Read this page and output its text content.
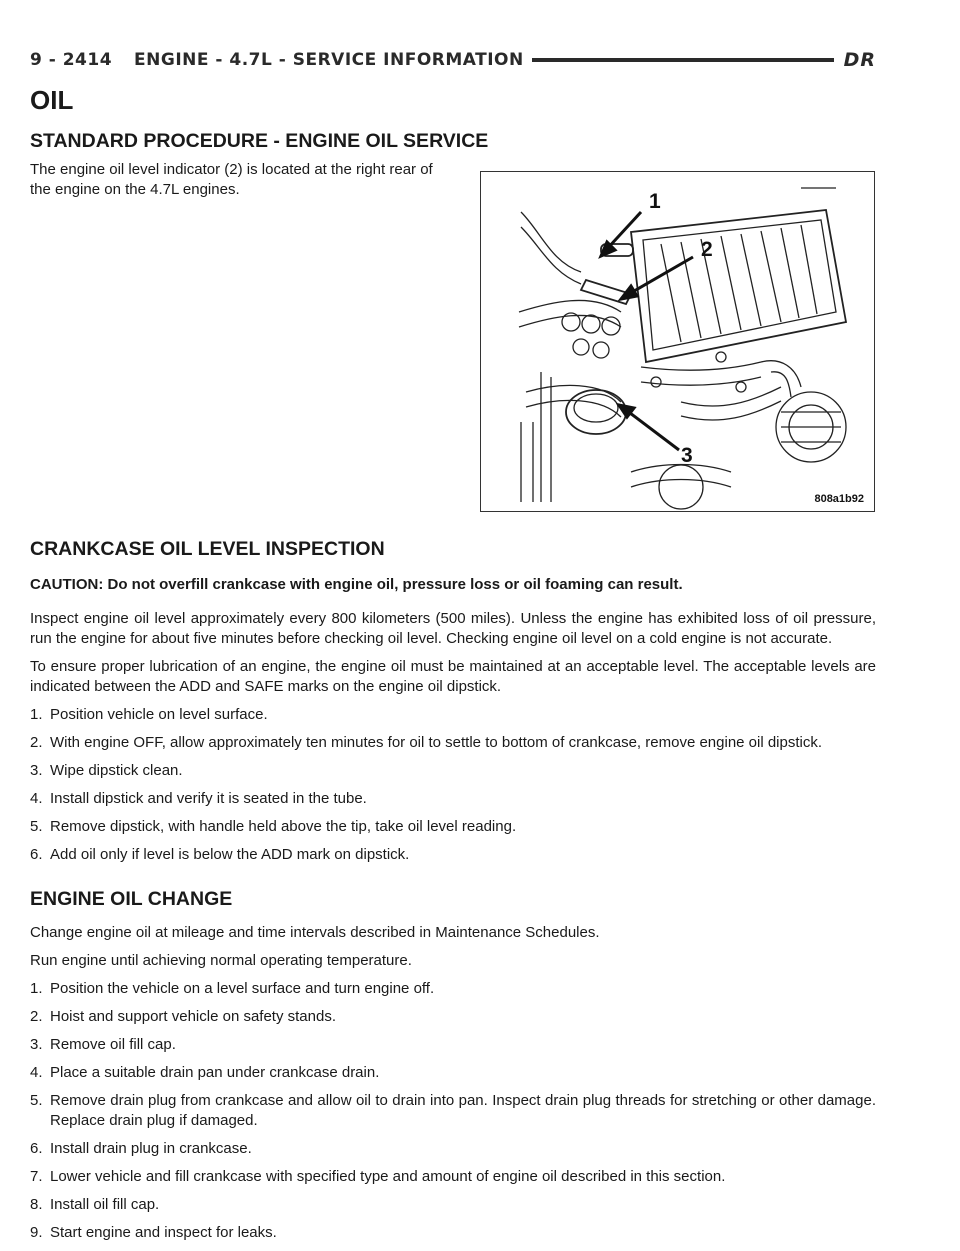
9 - 2414 ENGINE - 4.7L - SERVICE INFORMATION	DR
OIL
STANDARD PROCEDURE - ENGINE OIL SERVICE

The engine oil level indicator (2) is located at the right rear of the engine on the 4.7L engines.

1
2
3
808a1b92
CRANKCASE OIL LEVEL INSPECTION

CAUTION: Do not overfill crankcase with engine oil, pressure loss or oil foaming can result.

Inspect engine oil level approximately every 800 kilometers (500 miles). Unless the engine has exhibited loss of oil pressure, run the engine for about five minutes before checking oil level. Checking engine oil level on a cold engine is not accurate.

To ensure proper lubrication of an engine, the engine oil must be maintained at an acceptable level. The acceptable levels are indicated between the ADD and SAFE marks on the engine oil dipstick.

1. Position vehicle on level surface.
2. With engine OFF, allow approximately ten minutes for oil to settle to bottom of crankcase, remove engine oil dipstick.
3. Wipe dipstick clean.
4. Install dipstick and verify it is seated in the tube.
5. Remove dipstick, with handle held above the tip, take oil level reading.
6. Add oil only if level is below the ADD mark on dipstick.
ENGINE OIL CHANGE

Change engine oil at mileage and time intervals described in Maintenance Schedules.

Run engine until achieving normal operating temperature.

1. Position the vehicle on a level surface and turn engine off.
2. Hoist and support vehicle on safety stands.
3. Remove oil fill cap.
4. Place a suitable drain pan under crankcase drain.
5. Remove drain plug from crankcase and allow oil to drain into pan. Inspect drain plug threads for stretching or other damage. Replace drain plug if damaged.
6. Install drain plug in crankcase.
7. Lower vehicle and fill crankcase with specified type and amount of engine oil described in this section.
8. Install oil fill cap.
9. Start engine and inspect for leaks.
